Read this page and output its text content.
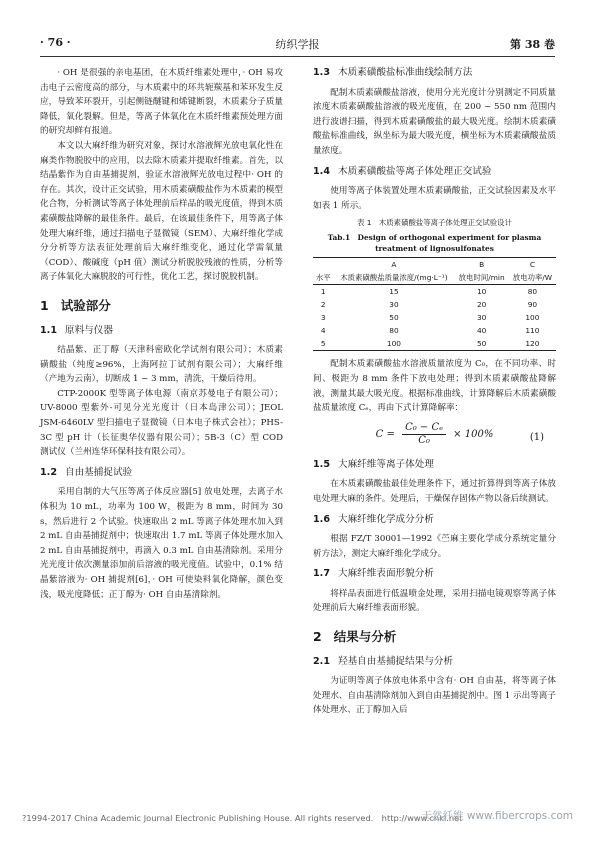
· 76 ·	纺织学报	第 38 卷

· OH 是很强的亲电基团，在木质纤维素处理中，· OH 易攻击电子云密度高的部分，与木质素中的环共轭羰基和苯环发生反应，导致苯环裂开，引起侧链醚键和烯键断裂，木质素分子质量降低，氧化裂解。但是，等离子体氧化在木质纤维素预处理方面的研究却鲜有报道。

本文以大麻纤维为研究对象，探讨水溶液辉光放电氧化性在麻类作物脱胶中的应用，以去除木质素并提取纤维素。首先，以结晶紫作为自由基捕捉剂，验证水溶液辉光放电过程中· OH 的存在。其次，设计正交试验，用木质素磺酸盐作为木质素的模型化合物，分析测试等离子体处理前后样品的吸光度值，得到木质素磺酸盐降解的最佳条件。最后，在该最佳条件下，用等离子体处理大麻纤维，通过扫描电子显微镜（SEM）、大麻纤维化学成分分析等方法表征处理前后大麻纤维变化，通过化学需氧量（COD）、酸碱度（pH 值）测试分析脱胶残液的性质，分析等离子体氧化大麻脱胶的可行性，优化工艺，探讨脱胶机制。

1 试验部分
1.1 原料与仪器

结晶紫、正丁醇（天津科密欧化学试剂有限公司）；木质素磺酸盐（纯度≥96%，上海阿拉丁试剂有限公司）；大麻纤维（产地为云南），切断成 1 ~ 3 mm，清洗，干燥后待用。

CTP-2000K 型等离子体电源（南京苏曼电子有限公司）；UV-8000 型紫外-可见分光光度计（日本岛津公司）；JEOL JSM-6460LV 型扫描电子显微镜（日本电子株式会社）；PHS-3C 型 pH 计（长征奥华仪器有限公司）；5B-3（C）型 COD 测试仪（兰州连华环保科技有限公司）。

1.2 自由基捕捉试验

采用自制的大气压等离子体反应器[5] 放电处理，去离子水体积为 10 mL，功率为 100 W，极距为 8 mm，时间为 30 s，然后进行 2 个试验。快速取出 2 mL 等离子体处理水加入到 2 mL 自由基捕捉剂中；快速取出 1.7 mL 等离子体处理水加入 2 mL 自由基捕捉剂中，再滴入 0.3 mL 自由基清除剂。采用分光光度计依次测量添加前后溶液的吸光度值。试验中，0.1% 结晶紫溶液为· OH 捕捉剂[6]，· OH 可使染料氧化降解，颜色变浅，吸光度降低；正丁醇为· OH 自由基清除剂。

1.3 木质素磺酸盐标准曲线绘制方法

配制木质素磺酸盐溶液，使用分光光度计分别测定不同质量浓度木质素磺酸盐溶液的吸光度值，在 200 ~ 550 nm 范围内进行波谱扫描，得到木质素磺酸盐的最大吸光度。绘制木质素磺酸盐标准曲线，纵坐标为最大吸光度，横坐标为木质素磺酸盐质量浓度。

1.4 木质素磺酸盐等离子体处理正交试验

使用等离子体装置处理木质素磺酸盐，正交试验因素及水平如表 1 所示。

表 1　木质素磺酸盐等离子体处理正交试验设计
Tab.1　Design of orthogonal experiment for plasma treatment of lignosulfonates
	A	B	C
水平	木质素磺酸盐质量浓度/(mg·L⁻¹)	放电时间/min	放电功率/W
1	15	10	80
2	30	20	90
3	50	30	100
4	80	40	110
5	100	50	120

配制木质素磺酸盐水溶液质量浓度为 C₀，在不同功率、时间、极距为 8 mm 条件下放电处理；得到木质素磺酸盐降解液，测量其最大吸光度。根据标准曲线，计算降解后木质素磺酸盐质量浓度 Cₑ，再由下式计算降解率：

$C = \frac{\text{C₀ − Cₑ}}{\text{C₀}} \times 100\%$	(1)
1.5 大麻纤维等离子体处理

在木质素磺酸盐最佳处理条件下，通过折算得到等离子体放电处理大麻的条件。处理后，干燥保存固体产物以备后续测试。

1.6 大麻纤维化学成分分析

根据 FZ/T 30001—1992《苎麻主要化学成分系统定量分析方法》，测定大麻纤维化学成分。

1.7 大麻纤维表面形貌分析

将样品表面进行低温喷金处理，采用扫描电镜观察等离子体处理前后大麻纤维表面形貌。

2 结果与分析
2.1 羟基自由基捕捉结果与分析

为证明等离子体放电体系中含有· OH 自由基，将等离子体处理水、自由基清除剂加入到自由基捕捉剂中。图 1 示出等离子体处理水、正丁醇加入后

?1994-2017 China Academic Journal Electronic Publishing House. All rights reserved.　http://www.cnki.net
天然纤维 www.fibercrops.com
